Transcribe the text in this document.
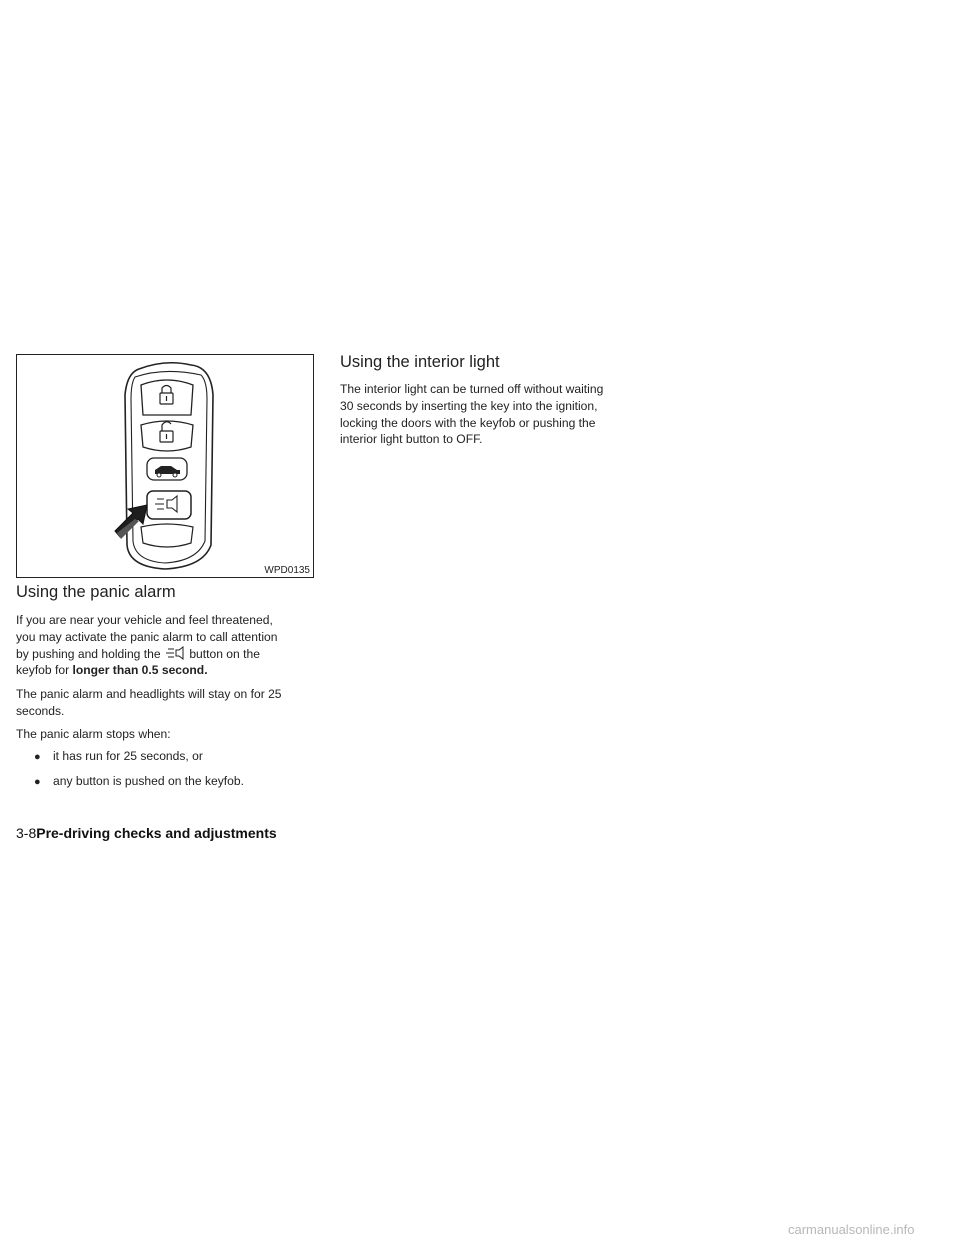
WPD0135
Using the panic alarm

If you are near your vehicle and feel threatened,
you may activate the panic alarm to call attention
by pushing and holding the button on the
keyfob for longer than 0.5 second.

The panic alarm and headlights will stay on for 25
seconds.

The panic alarm stops when:

● it has run for 25 seconds, or
● any button is pushed on the keyfob.
Using the interior light

The interior light can be turned off without waiting
30 seconds by inserting the key into the ignition,
locking the doors with the keyfob or pushing the
interior light button to OFF.

3-8Pre-driving checks and adjustments
carmanualsonline.info
